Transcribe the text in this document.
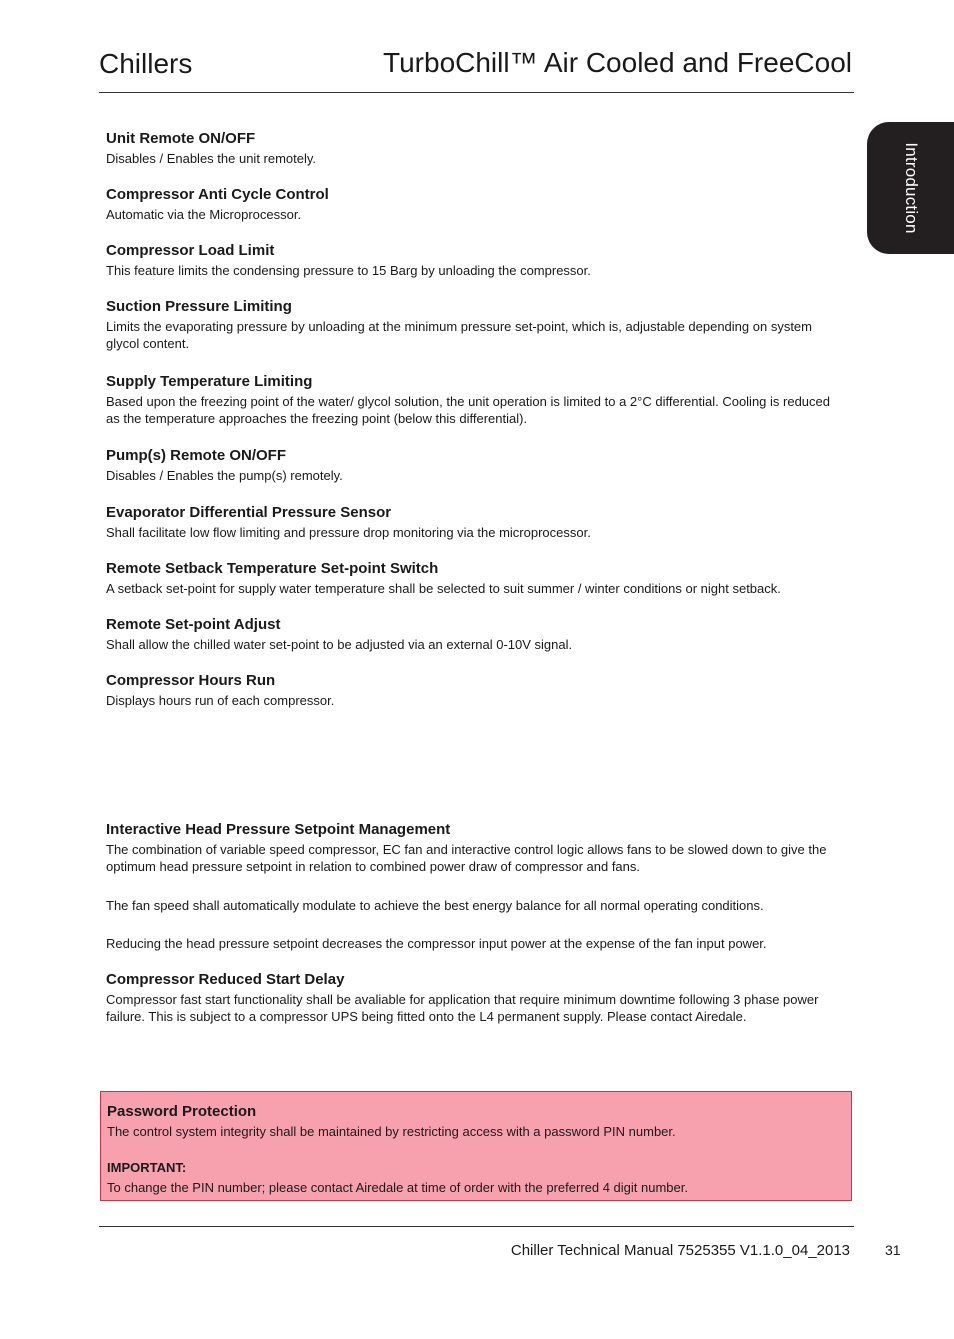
Chillers	TurboChill™ Air Cooled and FreeCool
Introduction
Unit Remote ON/OFF
Disables / Enables the unit remotely.
Compressor Anti Cycle Control
Automatic via the Microprocessor.
Compressor Load Limit
This feature limits the condensing pressure to 15 Barg by unloading the compressor.
Suction Pressure Limiting
Limits the evaporating pressure by unloading at the minimum pressure set-point, which is, adjustable depending on system glycol content.
Supply Temperature Limiting
Based upon the freezing point of the water/ glycol solution, the unit operation is limited to a 2°C differential. Cooling is reduced as the temperature approaches the freezing point (below this differential).
Pump(s) Remote ON/OFF
Disables / Enables the pump(s) remotely.
Evaporator Differential Pressure Sensor
Shall facilitate low flow limiting and pressure drop monitoring via the microprocessor.
Remote Setback Temperature Set-point Switch
A setback set-point for supply water temperature shall be selected to suit summer / winter conditions or night setback.
Remote Set-point Adjust
Shall allow the chilled water set-point to be adjusted via an external 0-10V signal.
Compressor Hours Run
Displays hours run of each compressor.
Interactive Head Pressure Setpoint Management
The combination of variable speed compressor, EC fan and interactive control logic allows fans to be slowed down to give the optimum head pressure setpoint in relation to combined power draw of compressor and fans.
The fan speed shall automatically modulate to achieve the best energy balance for all normal operating conditions.
Reducing the head pressure setpoint decreases the compressor input power at the expense of the fan input power.
Compressor Reduced Start Delay
Compressor fast start functionality shall be avaliable for application that require minimum downtime following 3 phase power failure. This is subject to a compressor UPS being fitted onto the L4 permanent supply. Please contact Airedale.
Password Protection
The control system integrity shall be maintained by restricting access with a password PIN number.
IMPORTANT:
To change the PIN number; please contact Airedale at time of order with the preferred 4 digit number.
Chiller Technical Manual 7525355 V1.1.0_04_2013	31
